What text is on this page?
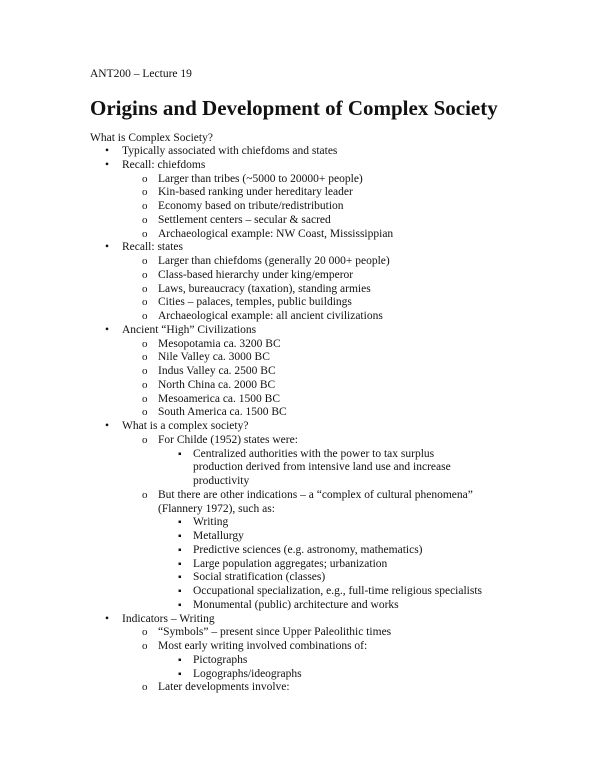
ANT200 – Lecture 19
Origins and Development of Complex Society
What is Complex Society?
• Typically associated with chiefdoms and states
• Recall: chiefdoms
o Larger than tribes (~5000 to 20000+ people)
o Kin-based ranking under hereditary leader
o Economy based on tribute/redistribution
o Settlement centers – secular & sacred
o Archaeological example: NW Coast, Mississippian
• Recall: states
o Larger than chiefdoms (generally 20 000+ people)
o Class-based hierarchy under king/emperor
o Laws, bureaucracy (taxation), standing armies
o Cities – palaces, temples, public buildings
o Archaeological example: all ancient civilizations
• Ancient “High” Civilizations
o Mesopotamia ca. 3200 BC
o Nile Valley ca. 3000 BC
o Indus Valley ca. 2500 BC
o North China ca. 2000 BC
o Mesoamerica ca. 1500 BC
o South America ca. 1500 BC
• What is a complex society?
o For Childe (1952) states were:
▪ Centralized authorities with the power to tax surplus
production derived from intensive land use and increase
productivity
o But there are other indications – a “complex of cultural phenomena”
(Flannery 1972), such as:
▪ Writing
▪ Metallurgy
▪ Predictive sciences (e.g. astronomy, mathematics)
▪ Large population aggregates; urbanization
▪ Social stratification (classes)
▪ Occupational specialization, e.g., full-time religious specialists
▪ Monumental (public) architecture and works
• Indicators – Writing
o “Symbols” – present since Upper Paleolithic times
o Most early writing involved combinations of:
▪ Pictographs
▪ Logographs/ideographs
o Later developments involve:
